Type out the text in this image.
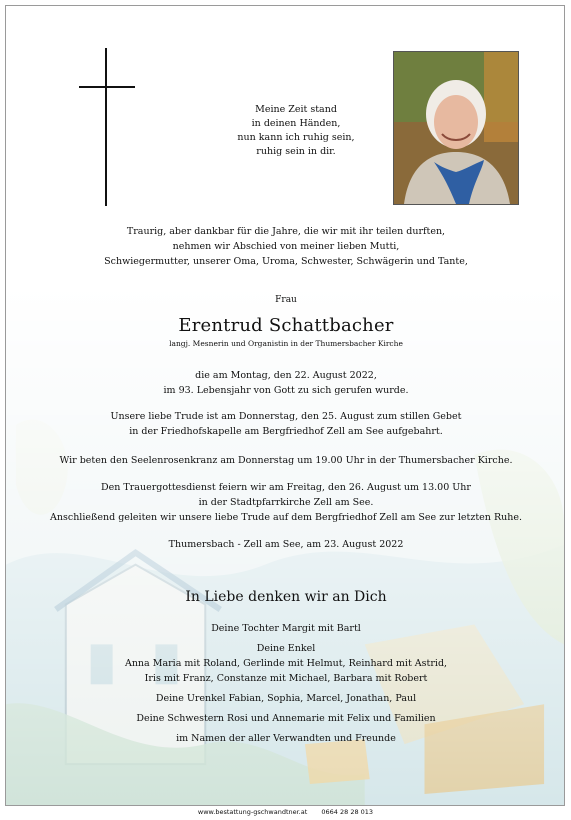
Meine Zeit stand
in deinen Händen,
nun kann ich ruhig sein,
ruhig sein in dir.
Traurig, aber dankbar für die Jahre, die wir mit ihr teilen durften,
nehmen wir Abschied von meiner lieben Mutti,
Schwiegermutter, unserer Oma, Uroma, Schwester, Schwägerin und Tante,
Frau
Erentrud Schattbacher
langj. Mesnerin und Organistin in der Thumersbacher Kirche
die am Montag, den 22. August 2022,
im 93. Lebensjahr von Gott zu sich gerufen wurde.
Unsere liebe Trude ist am Donnerstag, den 25. August zum stillen Gebet
in der Friedhofskapelle am Bergfriedhof Zell am See aufgebahrt.
Wir beten den Seelenrosenkranz am Donnerstag um 19.00 Uhr in der Thumersbacher Kirche.
Den Trauergottesdienst feiern wir am Freitag, den 26. August um 13.00 Uhr
in der Stadtpfarrkirche Zell am See.
Anschließend geleiten wir unsere liebe Trude auf dem Bergfriedhof Zell am See zur letzten Ruhe.
Thumersbach - Zell am See, am 23. August 2022
In Liebe denken wir an Dich
Deine Tochter Margit mit Bartl
Deine Enkel
Anna Maria mit Roland, Gerlinde mit Helmut, Reinhard mit Astrid,
Iris mit Franz, Constanze mit Michael, Barbara mit Robert
Deine Urenkel Fabian, Sophia, Marcel, Jonathan, Paul
Deine Schwestern Rosi und Annemarie mit Felix und Familien
im Namen der aller Verwandten und Freunde
www.bestattung-gschwandtner.at 0664 28 28 013
